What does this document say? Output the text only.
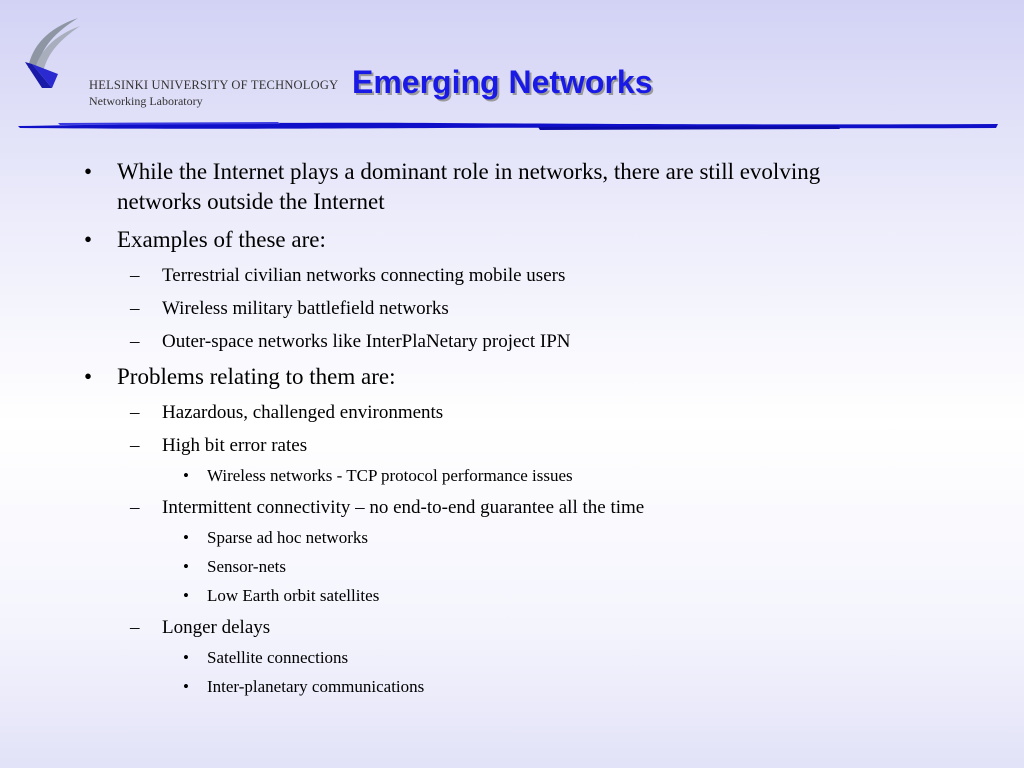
HELSINKI UNIVERSITY OF TECHNOLOGY
Networking Laboratory
Emerging Networks
• While the Internet plays a dominant role in networks, there are still evolving
networks outside the Internet
• Examples of these are:
– Terrestrial civilian networks connecting mobile users
– Wireless military battlefield networks
– Outer-space networks like InterPlaNetary project IPN
• Problems relating to them are:
– Hazardous, challenged environments
– High bit error rates
• Wireless networks - TCP protocol performance issues
– Intermittent connectivity – no end-to-end guarantee all the time
• Sparse ad hoc networks
• Sensor-nets
• Low Earth orbit satellites
– Longer delays
• Satellite connections
• Inter-planetary communications
